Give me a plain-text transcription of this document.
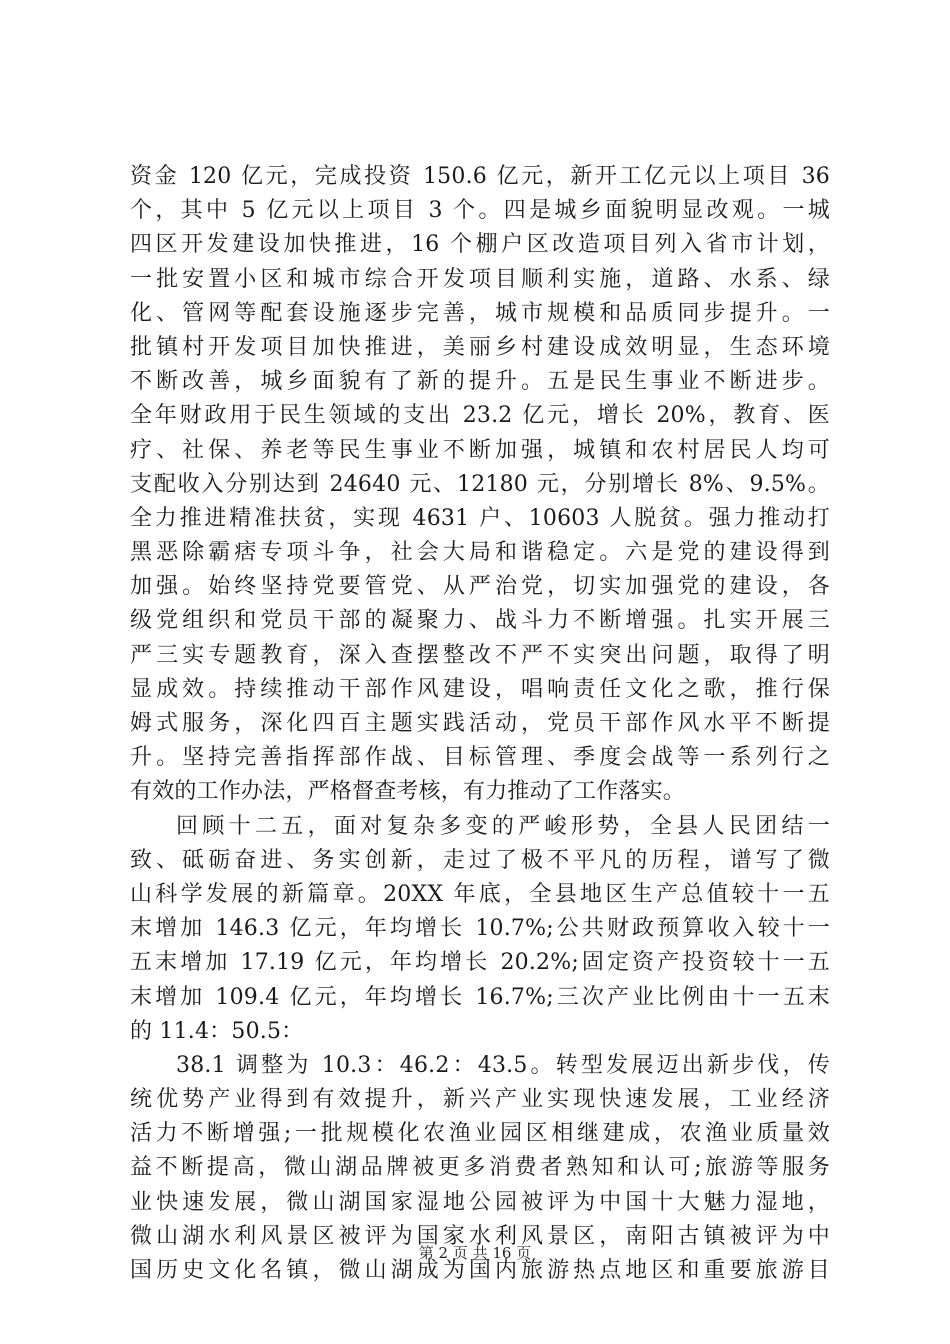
资金 120 亿元，完成投资 150.6 亿元，新开工亿元以上项目 36
个，其中 5 亿元以上项目 3 个。四是城乡面貌明显改观。一城
四区开发建设加快推进，16 个棚户区改造项目列入省市计划，
一批安置小区和城市综合开发项目顺利实施，道路、水系、绿
化、管网等配套设施逐步完善，城市规模和品质同步提升。一
批镇村开发项目加快推进，美丽乡村建设成效明显，生态环境
不断改善，城乡面貌有了新的提升。五是民生事业不断进步。
全年财政用于民生领域的支出 23.2 亿元，增长 20%，教育、医
疗、社保、养老等民生事业不断加强，城镇和农村居民人均可
支配收入分别达到 24640 元、12180 元，分别增长 8%、9.5%。
全力推进精准扶贫，实现 4631 户、10603 人脱贫。强力推动打
黑恶除霸痞专项斗争，社会大局和谐稳定。六是党的建设得到
加强。始终坚持党要管党、从严治党，切实加强党的建设，各
级党组织和党员干部的凝聚力、战斗力不断增强。扎实开展三
严三实专题教育，深入查摆整改不严不实突出问题，取得了明
显成效。持续推动干部作风建设，唱响责任文化之歌，推行保
姆式服务，深化四百主题实践活动，党员干部作风水平不断提
升。坚持完善指挥部作战、目标管理、季度会战等一系列行之
有效的工作办法，严格督查考核，有力推动了工作落实。
回顾十二五，面对复杂多变的严峻形势，全县人民团结一
致、砥砺奋进、务实创新，走过了极不平凡的历程，谱写了微
山科学发展的新篇章。20XX 年底，全县地区生产总值较十一五
末增加 146.3 亿元，年均增长 10.7%;公共财政预算收入较十一
五末增加 17.19 亿元，年均增长 20.2%;固定资产投资较十一五
末增加 109.4 亿元，年均增长 16.7%;三次产业比例由十一五末
的 11.4：50.5：
38.1 调整为 10.3：46.2：43.5。转型发展迈出新步伐，传
统优势产业得到有效提升，新兴产业实现快速发展，工业经济
活力不断增强;一批规模化农渔业园区相继建成，农渔业质量效
益不断提高，微山湖品牌被更多消费者熟知和认可;旅游等服务
业快速发展，微山湖国家湿地公园被评为中国十大魅力湿地，
微山湖水利风景区被评为国家水利风景区，南阳古镇被评为中
国历史文化名镇，微山湖成为国内旅游热点地区和重要旅游目
第 2 页 共 16 页
